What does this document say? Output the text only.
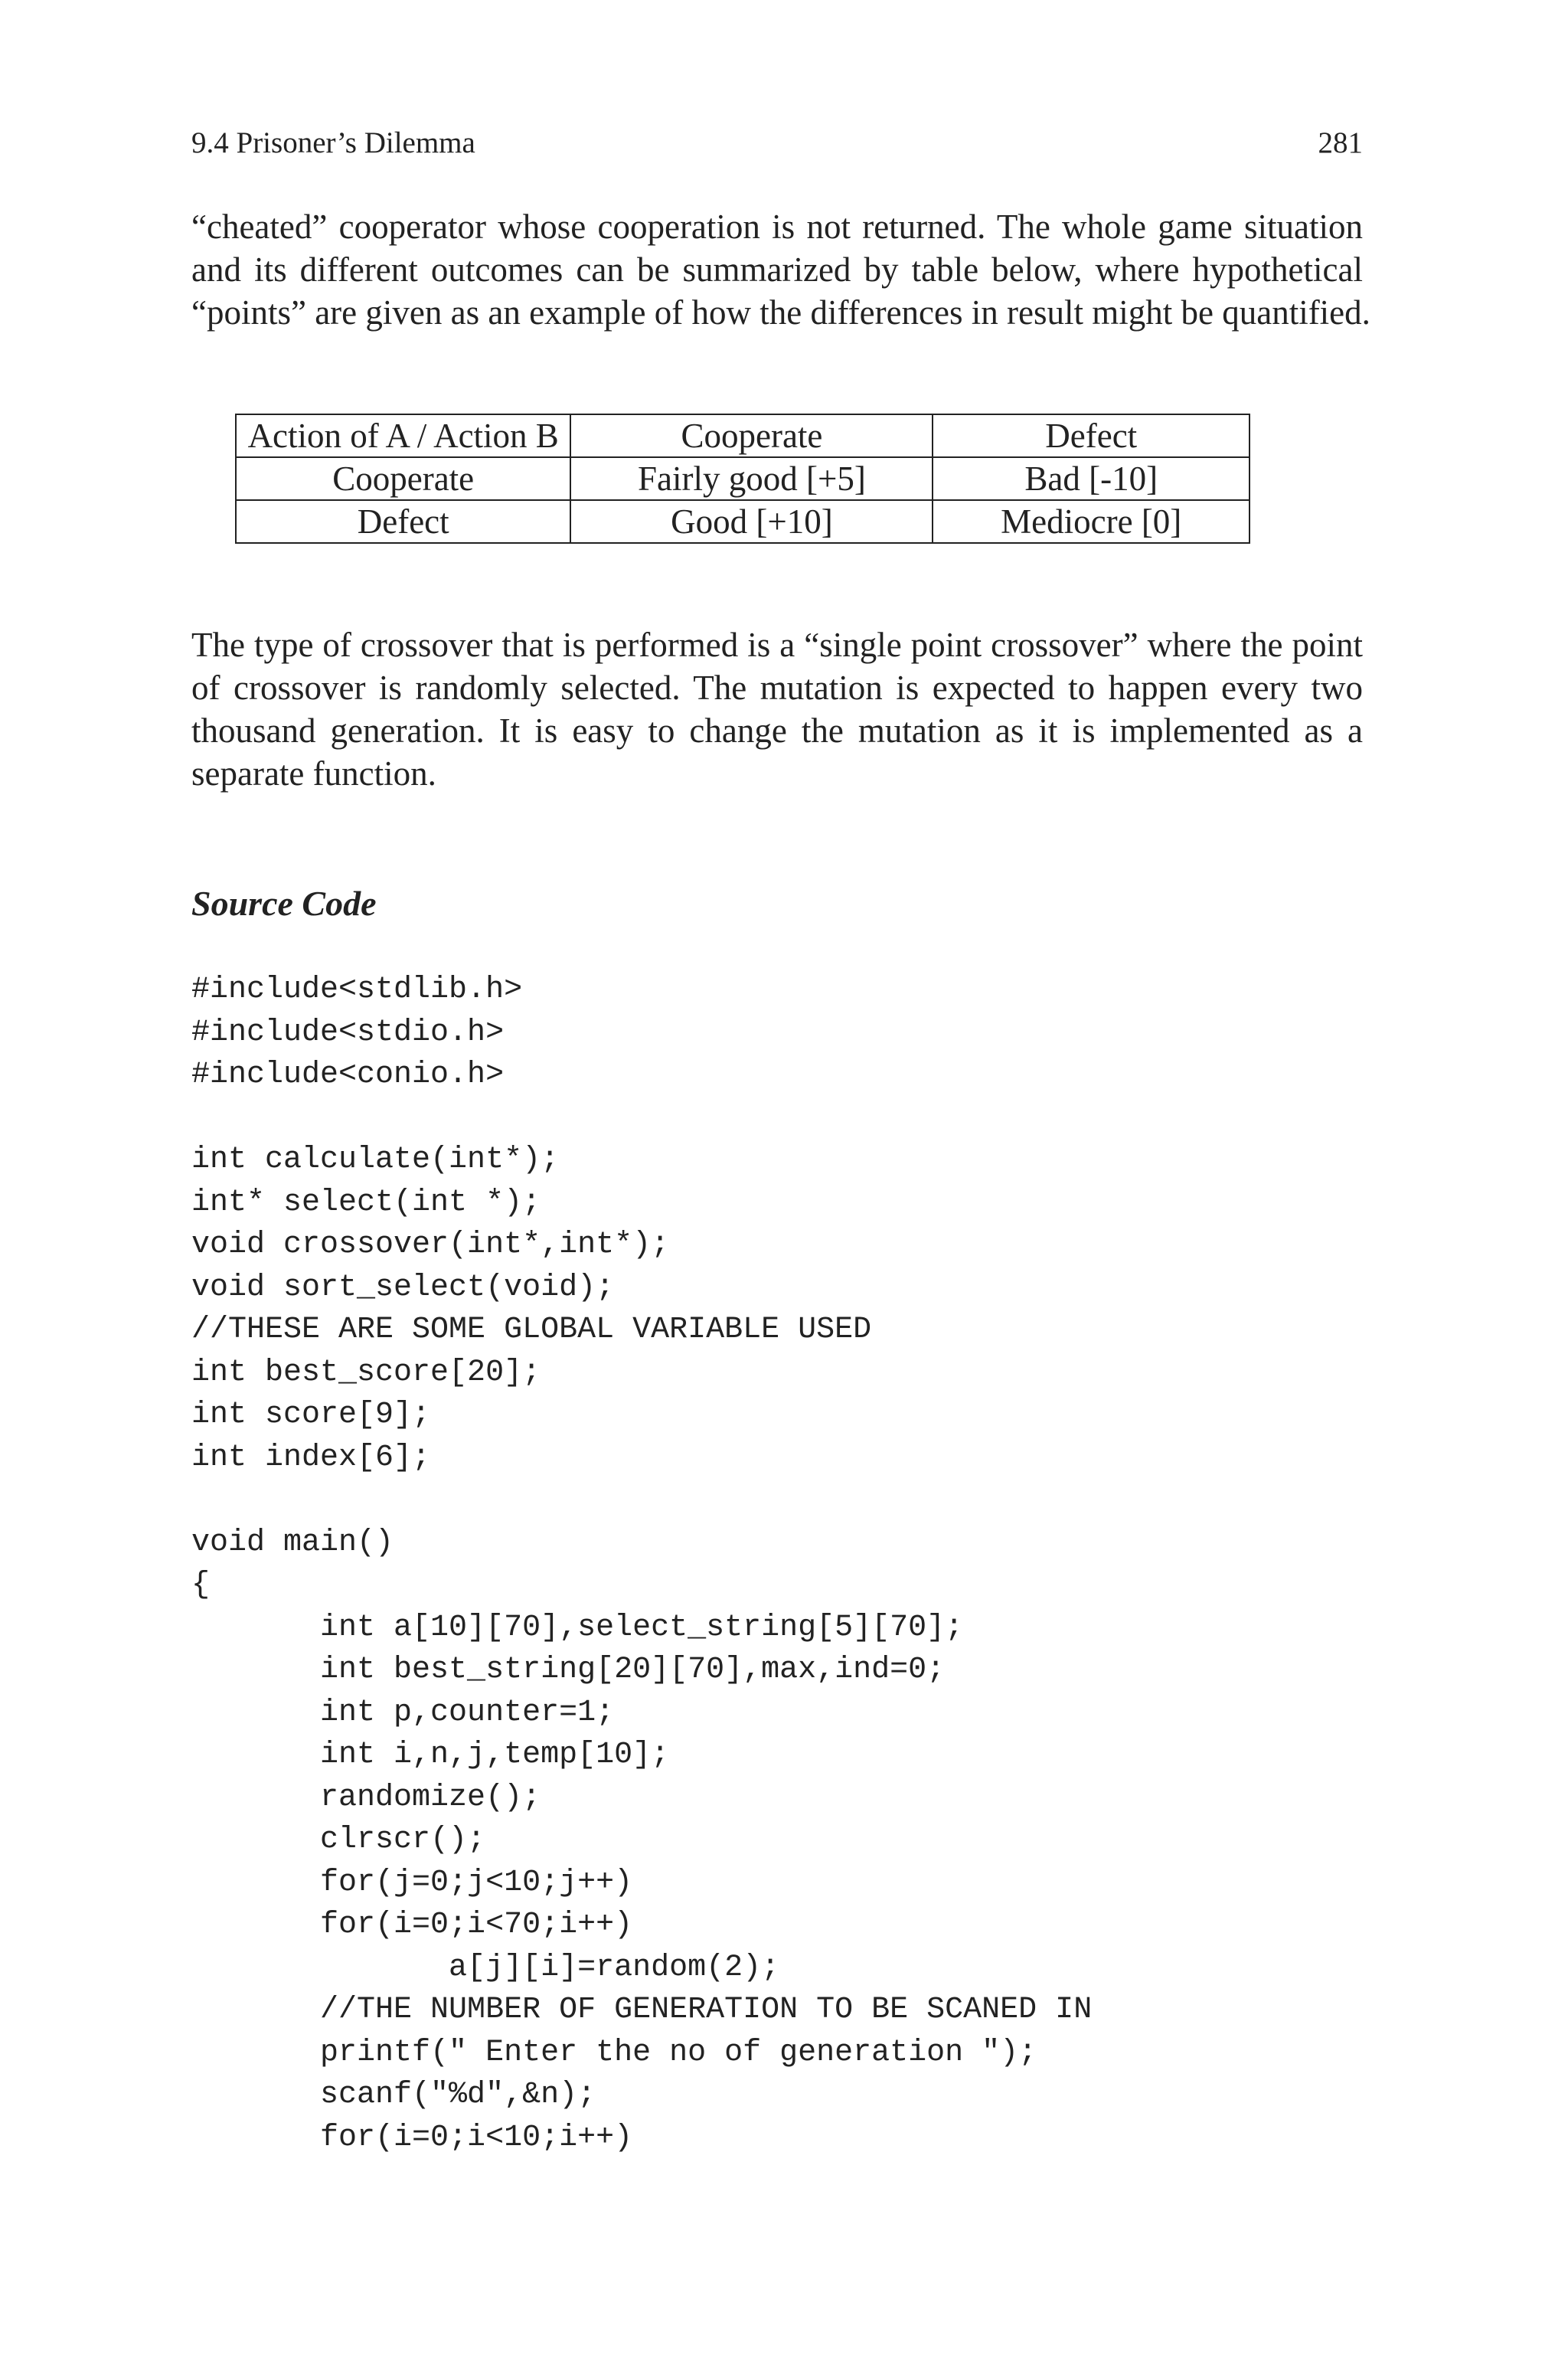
9.4 Prisoner’s Dilemma	281
“cheated” cooperator whose cooperation is not returned. The whole game situation
and its different outcomes can be summarized by table below, where hypothetical
“points” are given as an example of how the differences in result might be quantified.
Action of A / Action B	Cooperate	Defect
Cooperate	Fairly good [+5]	Bad [-10]
Defect	Good [+10]	Mediocre [0]
The type of crossover that is performed is a “single point crossover” where the point
of crossover is randomly selected. The mutation is expected to happen every two
thousand generation. It is easy to change the mutation as it is implemented as a
separate function.
Source Code
#include<stdlib.h>
#include<stdio.h>
#include<conio.h>
int calculate(int*);
int* select(int *);
void crossover(int*,int*);
void sort_select(void);
//THESE ARE SOME GLOBAL VARIABLE USED
int best_score[20];
int score[9];
int index[6];
void main()
{
int a[10][70],select_string[5][70];
int best_string[20][70],max,ind=0;
int p,counter=1;
int i,n,j,temp[10];
randomize();
clrscr();
for(j=0;j<10;j++)
for(i=0;i<70;i++)
a[j][i]=random(2);
//THE NUMBER OF GENERATION TO BE SCANED IN
printf(" Enter the no of generation ");
scanf("%d",&n);
for(i=0;i<10;i++)
